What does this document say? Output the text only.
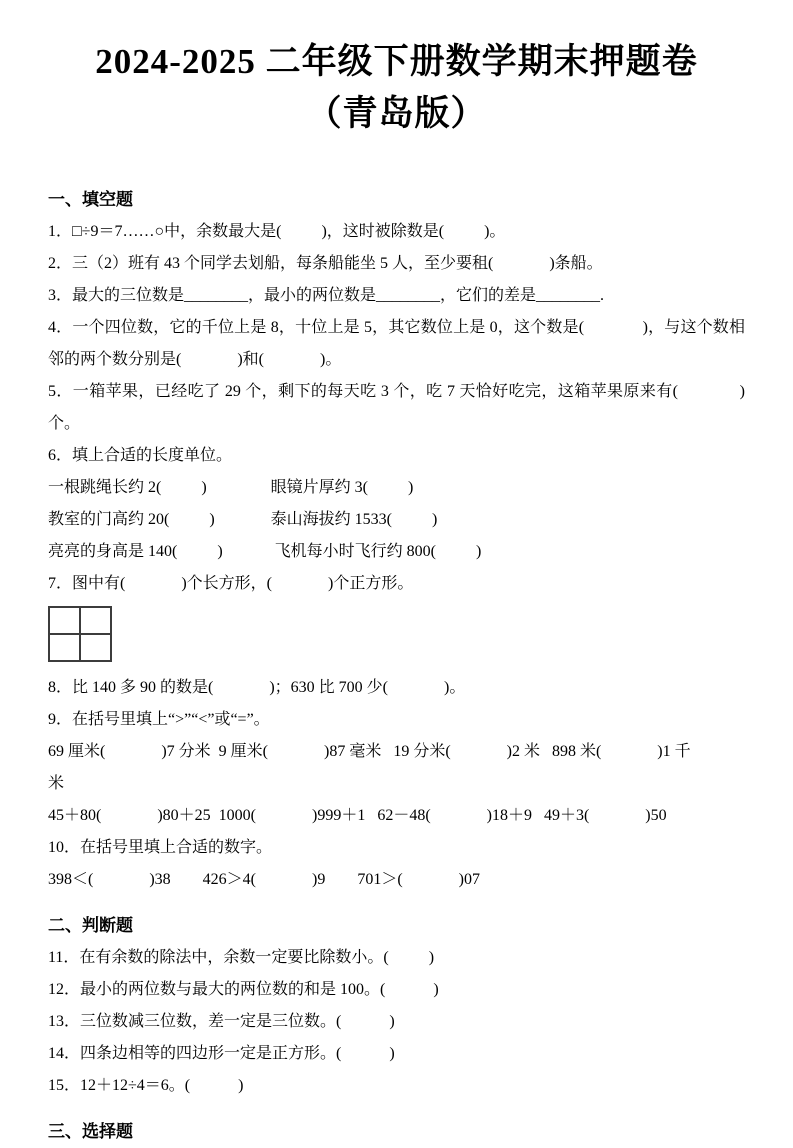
2024-2025 二年级下册数学期末押题卷
（青岛版）
一、填空题

1．□÷9＝7……○中，余数最大是(          )，这时被除数是(          )。

2．三（2）班有 43 个同学去划船，每条船能坐 5 人，至少要租(              )条船。

3．最大的三位数是________，最小的两位数是________，它们的差是________.

4．一个四位数，它的千位上是 8，十位上是 5，其它数位上是 0，这个数是(              )，与这个数相邻的两个数分别是(              )和(              )。

5．一箱苹果，已经吃了 29 个，剩下的每天吃 3 个，吃 7 天恰好吃完，这箱苹果原来有(              )个。

6．填上合适的长度单位。

一根跳绳长约 2(          )                眼镜片厚约 3(          )

教室的门高约 20(          )              泰山海拔约 1533(          )

亮亮的身高是 140(          )             飞机每小时飞行约 800(          )

7．图中有(              )个长方形，(              )个正方形。

8．比 140 多 90 的数是(              )；630 比 700 少(              )。

9．在括号里填上“>”“<”或“=”。

69 厘米(              )7 分米  9 厘米(              )87 毫米   19 分米(              )2 米   898 米(              )1 千

米

45＋80(              )80＋25  1000(              )999＋1   62－48(              )18＋9   49＋3(              )50

10．在括号里填上合适的数字。

398＜(              )38        426＞4(              )9        701＞(              )07

二、判断题

11．在有余数的除法中，余数一定要比除数小。(          )

12．最小的两位数与最大的两位数的和是 100。(            )

13．三位数减三位数，差一定是三位数。(            )

14．四条边相等的四边形一定是正方形。(            )

15．12＋12÷4＝6。(            )

三、选择题
